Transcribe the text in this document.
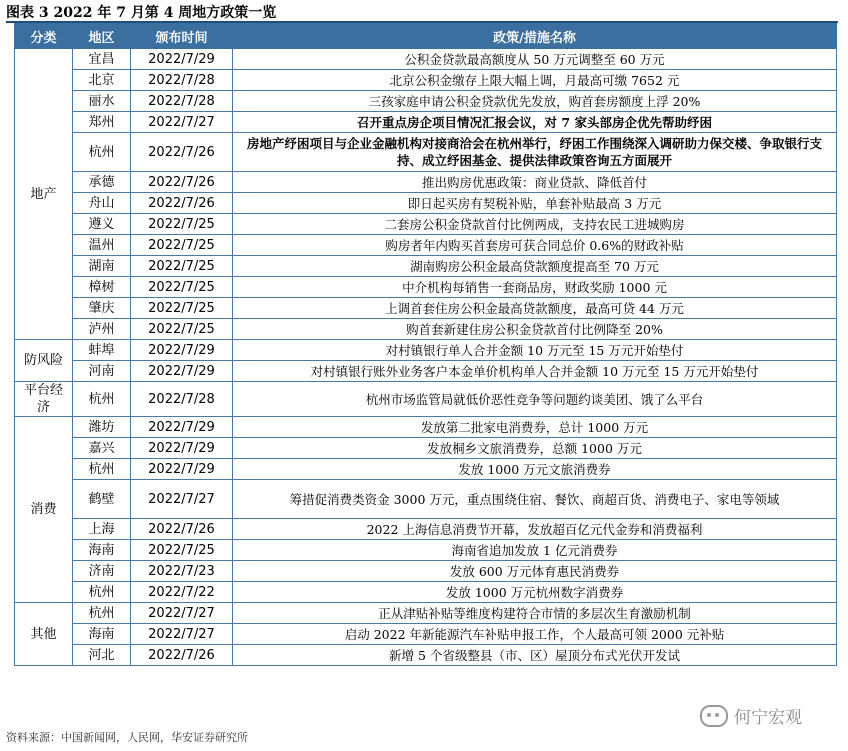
图表 3 2022 年 7 月第 4 周地方政策一览
分类	地区	颁布时间	政策/措施名称
地产	宜昌	2022/7/29	公积金贷款最高额度从 50 万元调整至 60 万元
	北京	2022/7/28	北京公积金缴存上限大幅上调，月最高可缴 7652 元
	丽水	2022/7/28	三孩家庭申请公积金贷款优先发放，购首套房额度上浮 20%
	郑州	2022/7/27	召开重点房企项目情况汇报会议，对 7 家头部房企优先帮助纾困
	杭州	2022/7/26	房地产纾困项目与企业金融机构对接商洽会在杭州举行，纾困工作围绕深入调研助力保交楼、争取银行支持、成立纾困基金、提供法律政策咨询五方面展开
	承德	2022/7/26	推出购房优惠政策：商业贷款、降低首付
	舟山	2022/7/26	即日起买房有契税补贴，单套补贴最高 3 万元
	遵义	2022/7/25	二套房公积金贷款首付比例两成，支持农民工进城购房
	温州	2022/7/25	购房者年内购买首套房可获合同总价 0.6%的财政补贴
	湖南	2022/7/25	湖南购房公积金最高贷款额度提高至 70 万元
	樟树	2022/7/25	中介机构每销售一套商品房，财政奖励 1000 元
	肇庆	2022/7/25	上调首套住房公积金最高贷款额度，最高可贷 44 万元
	泸州	2022/7/25	购首套新建住房公积金贷款首付比例降至 20%
防风险	蚌埠	2022/7/29	对村镇银行单人合并金额 10 万元至 15 万元开始垫付
	河南	2022/7/29	对村镇银行账外业务客户本金单价机构单人合并金额 10 万元至 15 万元开始垫付
平台经济	杭州	2022/7/28	杭州市场监管局就低价恶性竞争等问题约谈美团、饿了么平台
消费	潍坊	2022/7/29	发放第二批家电消费券，总计 1000 万元
	嘉兴	2022/7/29	发放桐乡文旅消费券，总额 1000 万元
	杭州	2022/7/29	发放 1000 万元文旅消费券
	鹤壁	2022/7/27	筹措促消费类资金 3000 万元，重点围绕住宿、餐饮、商超百货、消费电子、家电等领域
	上海	2022/7/26	2022 上海信息消费节开幕，发放超百亿元代金券和消费福利
	海南	2022/7/25	海南省追加发放 1 亿元消费券
	济南	2022/7/23	发放 600 万元体育惠民消费券
	杭州	2022/7/22	发放 1000 万元杭州数字消费券
其他	杭州	2022/7/27	正从津贴补贴等维度构建符合市情的多层次生育激励机制
	海南	2022/7/27	启动 2022 年新能源汽车补贴申报工作，个人最高可领 2000 元补贴
	河北	2022/7/26	新增 5 个省级整县（市、区）屋顶分布式光伏开发试
资料来源：中国新闻网，人民网，华安证券研究所
何宁宏观
